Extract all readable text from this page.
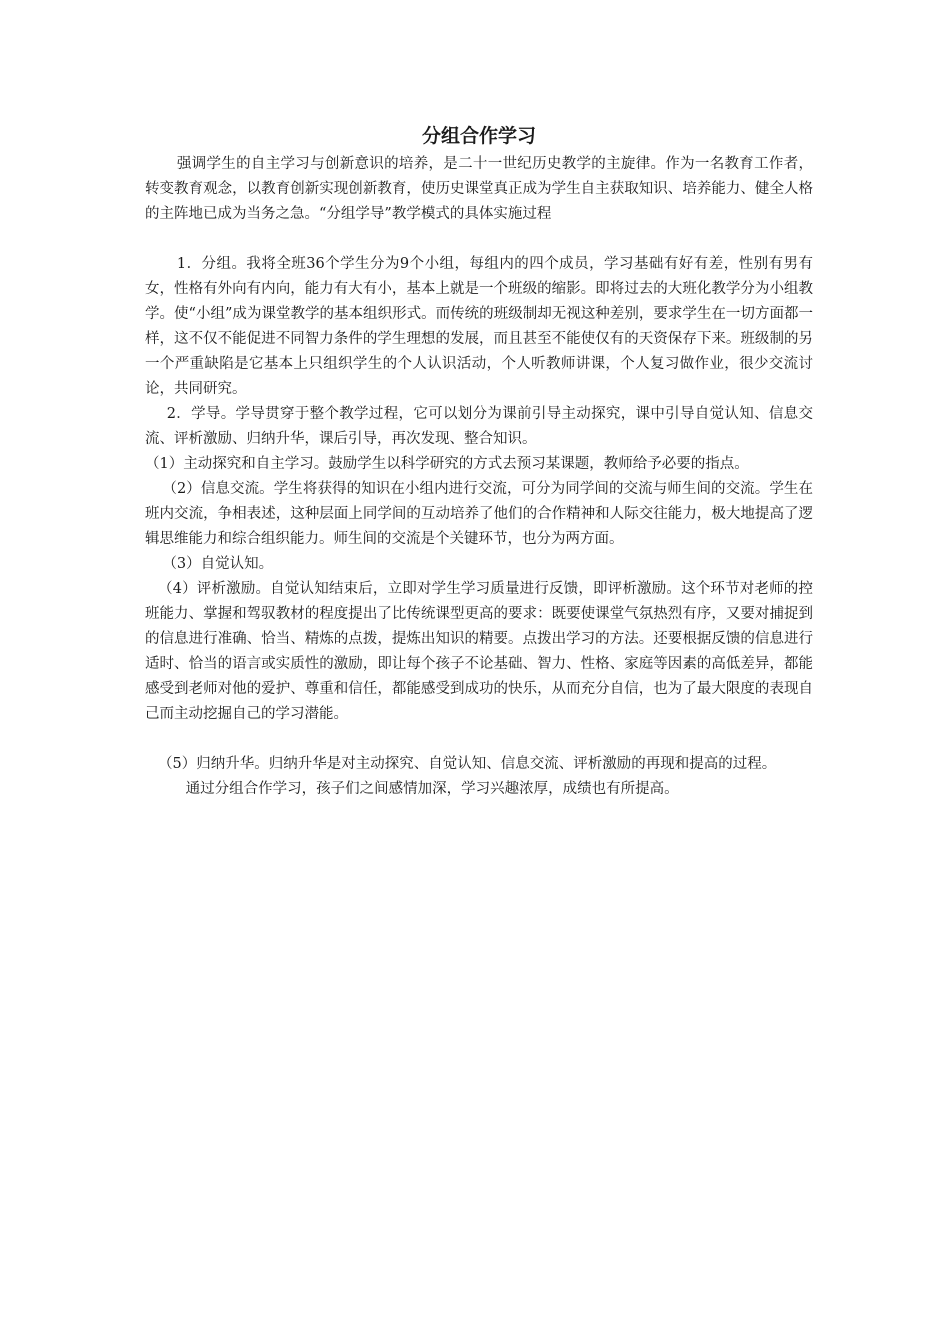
分组合作学习

强调学生的自主学习与创新意识的培养，是二十一世纪历史教学的主旋律。作为一名教育工作者，转变教育观念，以教育创新实现创新教育，使历史课堂真正成为学生自主获取知识、培养能力、健全人格的主阵地已成为当务之急。“分组学导”教学模式的具体实施过程

1．分组。我将全班36个学生分为9个小组，每组内的四个成员，学习基础有好有差，性别有男有女，性格有外向有内向，能力有大有小，基本上就是一个班级的缩影。即将过去的大班化教学分为小组教学。使“小组”成为课堂教学的基本组织形式。而传统的班级制却无视这种差别，要求学生在一切方面都一样，这不仅不能促进不同智力条件的学生理想的发展，而且甚至不能使仅有的天资保存下来。班级制的另一个严重缺陷是它基本上只组织学生的个人认识活动，个人听教师讲课，个人复习做作业，很少交流讨论，共同研究。

2．学导。学导贯穿于整个教学过程，它可以划分为课前引导主动探究，课中引导自觉认知、信息交流、评析激励、归纳升华，课后引导，再次发现、整合知识。

（1）主动探究和自主学习。鼓励学生以科学研究的方式去预习某课题，教师给予必要的指点。

（2）信息交流。学生将获得的知识在小组内进行交流，可分为同学间的交流与师生间的交流。学生在班内交流，争相表述，这种层面上同学间的互动培养了他们的合作精神和人际交往能力，极大地提高了逻辑思维能力和综合组织能力。师生间的交流是个关键环节，也分为两方面。

（3）自觉认知。

（4）评析激励。自觉认知结束后，立即对学生学习质量进行反馈，即评析激励。这个环节对老师的控班能力、掌握和驾驭教材的程度提出了比传统课型更高的要求：既要使课堂气氛热烈有序，又要对捕捉到的信息进行准确、恰当、精炼的点拨，提炼出知识的精要。点拨出学习的方法。还要根据反馈的信息进行适时、恰当的语言或实质性的激励，即让每个孩子不论基础、智力、性格、家庭等因素的高低差异，都能感受到老师对他的爱护、尊重和信任，都能感受到成功的快乐，从而充分自信，也为了最大限度的表现自己而主动挖掘自己的学习潜能。

（5）归纳升华。归纳升华是对主动探究、自觉认知、信息交流、评析激励的再现和提高的过程。

通过分组合作学习，孩子们之间感情加深，学习兴趣浓厚，成绩也有所提高。
